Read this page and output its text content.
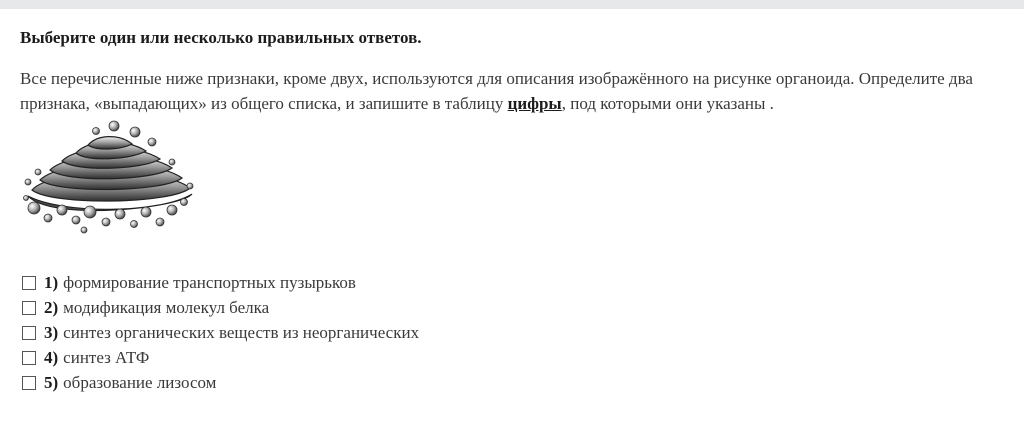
Выберите один или несколько правильных ответов.
Все перечисленные ниже признаки, кроме двух, используются для описания изображённого на рисунке органоида. Определите два признака, «выпадающих» из общего списка, и запишите в таблицу цифры, под которыми они указаны .
1) формирование транспортных пузырьков
2) модификация молекул белка
3) синтез органических веществ из неорганических
4) синтез АТФ
5) образование лизосом
